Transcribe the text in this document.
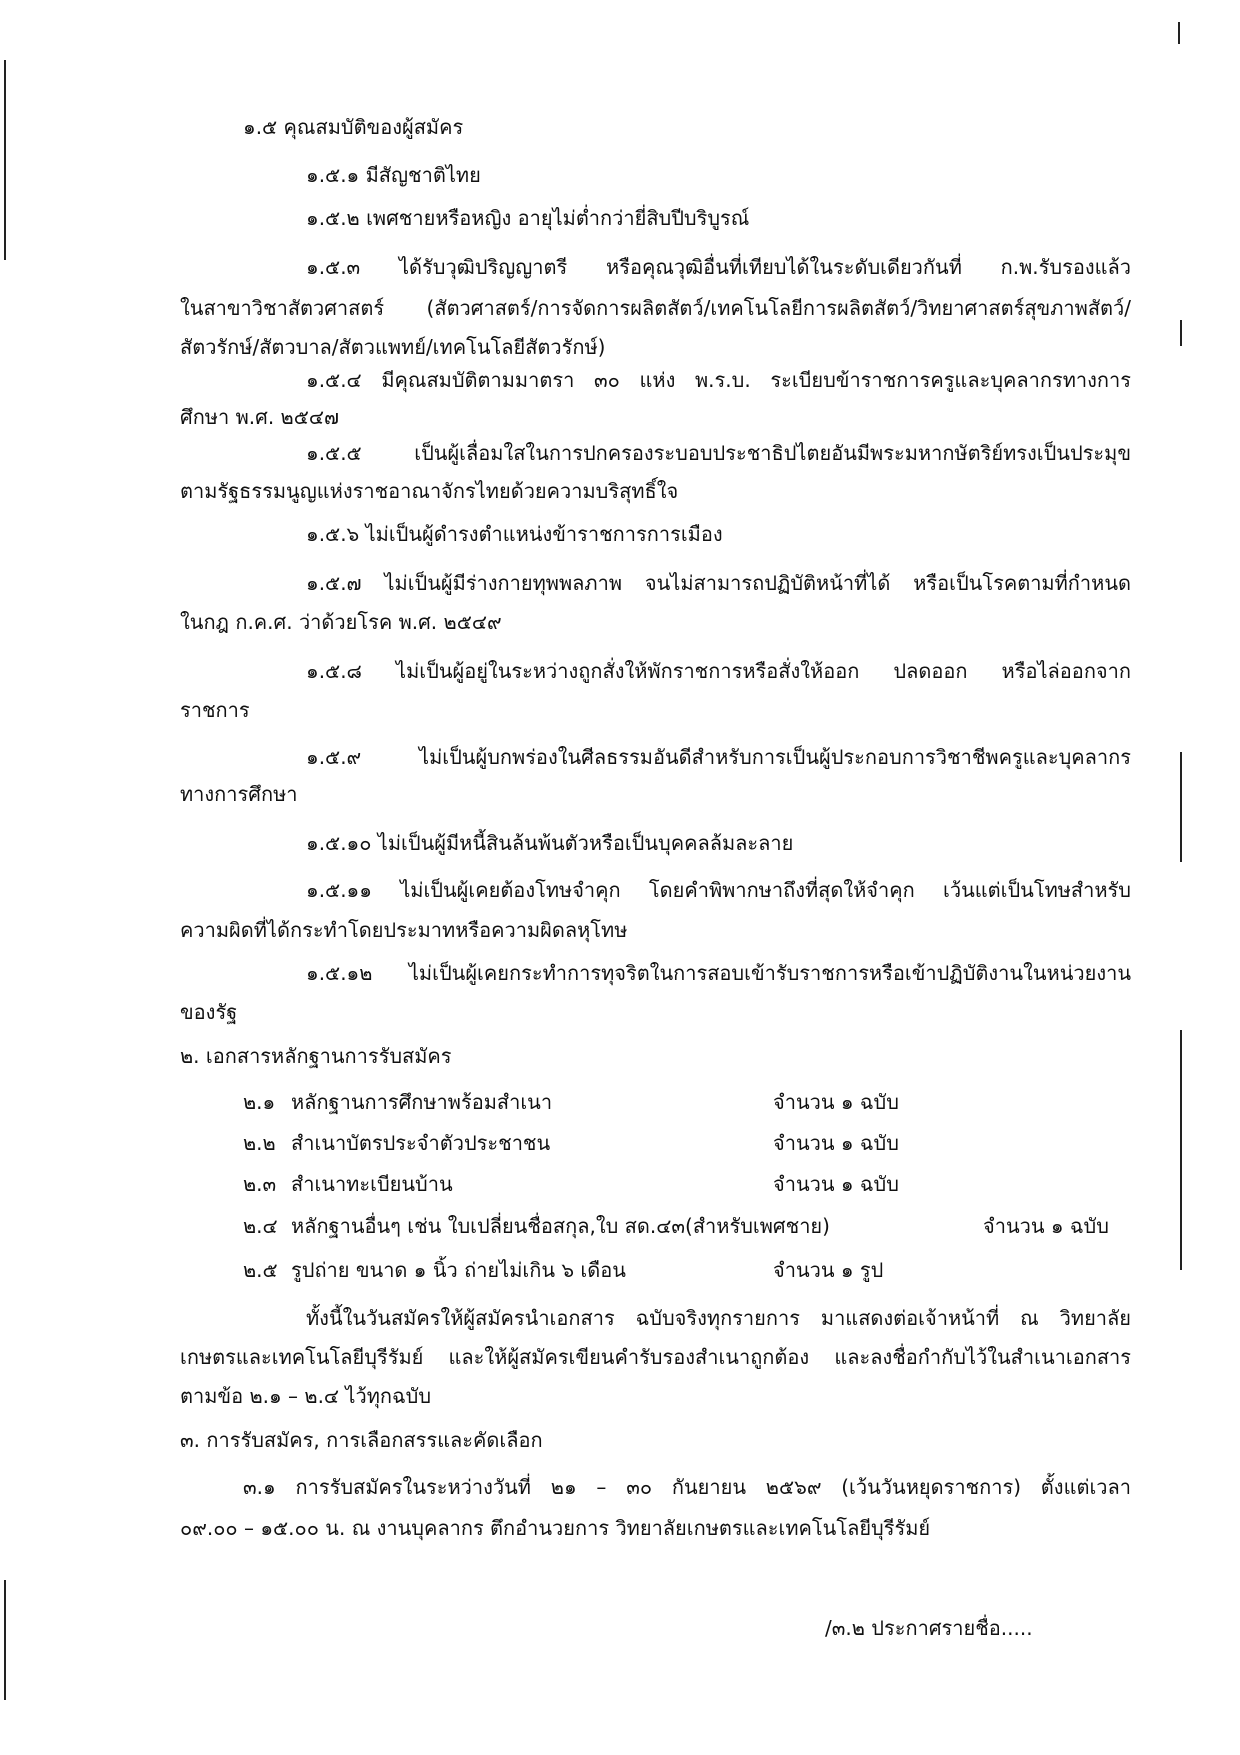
๑.๕ คุณสมบัติของผู้สมัคร
๑.๕.๑ มีสัญชาติไทย
๑.๕.๒ เพศชายหรือหญิง อายุไม่ต่ำกว่ายี่สิบปีบริบูรณ์
๑.๕.๓ ได้รับวุฒิปริญญาตรี หรือคุณวุฒิอื่นที่เทียบได้ในระดับเดียวกันที่ ก.พ.รับรองแล้ว
ในสาขาวิชาสัตวศาสตร์ (สัตวศาสตร์/การจัดการผลิตสัตว์/เทคโนโลยีการผลิตสัตว์/วิทยาศาสตร์สุขภาพสัตว์/
สัตวรักษ์/สัตวบาล/สัตวแพทย์/เทคโนโลยีสัตวรักษ์)
๑.๕.๔ มีคุณสมบัติตามมาตรา ๓๐ แห่ง พ.ร.บ. ระเบียบข้าราชการครูและบุคลากรทางการ
ศึกษา พ.ศ. ๒๕๔๗
๑.๕.๕ เป็นผู้เลื่อมใสในการปกครองระบอบประชาธิปไตยอันมีพระมหากษัตริย์ทรงเป็นประมุข
ตามรัฐธรรมนูญแห่งราชอาณาจักรไทยด้วยความบริสุทธิ์ใจ
๑.๕.๖ ไม่เป็นผู้ดำรงตำแหน่งข้าราชการการเมือง
๑.๕.๗ ไม่เป็นผู้มีร่างกายทุพพลภาพ จนไม่สามารถปฏิบัติหน้าที่ได้ หรือเป็นโรคตามที่กำหนด
ในกฎ ก.ค.ศ. ว่าด้วยโรค พ.ศ. ๒๕๔๙
๑.๕.๘ ไม่เป็นผู้อยู่ในระหว่างถูกสั่งให้พักราชการหรือสั่งให้ออก ปลดออก หรือไล่ออกจาก
ราชการ
๑.๕.๙ ไม่เป็นผู้บกพร่องในศีลธรรมอันดีสำหรับการเป็นผู้ประกอบการวิชาชีพครูและบุคลากร
ทางการศึกษา
๑.๕.๑๐ ไม่เป็นผู้มีหนี้สินล้นพ้นตัวหรือเป็นบุคคลล้มละลาย
๑.๕.๑๑ ไม่เป็นผู้เคยต้องโทษจำคุก โดยคำพิพากษาถึงที่สุดให้จำคุก เว้นแต่เป็นโทษสำหรับ
ความผิดที่ได้กระทำโดยประมาทหรือความผิดลหุโทษ
๑.๕.๑๒ ไม่เป็นผู้เคยกระทำการทุจริตในการสอบเข้ารับราชการหรือเข้าปฏิบัติงานในหน่วยงาน
ของรัฐ
๒. เอกสารหลักฐานการรับสมัคร
๒.๑ หลักฐานการศึกษาพร้อมสำเนา	จำนวน ๑ ฉบับ
๒.๒ สำเนาบัตรประจำตัวประชาชน	จำนวน ๑ ฉบับ
๒.๓ สำเนาทะเบียนบ้าน	จำนวน ๑ ฉบับ
๒.๔ หลักฐานอื่นๆ เช่น ใบเปลี่ยนชื่อสกุล,ใบ สด.๔๓(สำหรับเพศชาย)	จำนวน ๑ ฉบับ
๒.๕ รูปถ่าย ขนาด ๑ นิ้ว ถ่ายไม่เกิน ๖ เดือน	จำนวน ๑ รูป
ทั้งนี้ในวันสมัครให้ผู้สมัครนำเอกสาร ฉบับจริงทุกรายการ มาแสดงต่อเจ้าหน้าที่ ณ วิทยาลัย
เกษตรและเทคโนโลยีบุรีรัมย์ และให้ผู้สมัครเขียนคำรับรองสำเนาถูกต้อง และลงชื่อกำกับไว้ในสำเนาเอกสาร
ตามข้อ ๒.๑ – ๒.๔ ไว้ทุกฉบับ
๓. การรับสมัคร, การเลือกสรรและคัดเลือก
๓.๑ การรับสมัครในระหว่างวันที่ ๒๑ – ๓๐ กันยายน ๒๕๖๙ (เว้นวันหยุดราชการ) ตั้งแต่เวลา
๐๙.๐๐ – ๑๕.๐๐ น. ณ งานบุคลากร ตึกอำนวยการ วิทยาลัยเกษตรและเทคโนโลยีบุรีรัมย์
/๓.๒ ประกาศรายชื่อ.....
